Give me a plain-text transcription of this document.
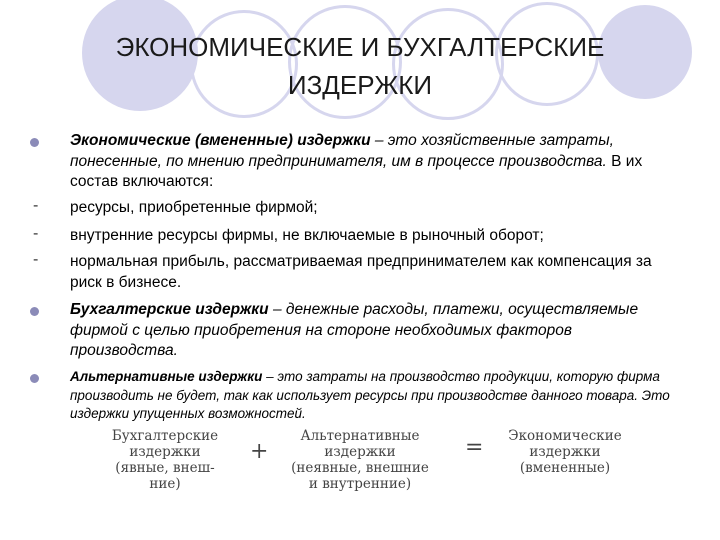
ЭКОНОМИЧЕСКИЕ И БУХГАЛТЕРСКИЕ
ИЗДЕРЖКИ
Экономические (вмененные) издержки – это хозяйственные затраты, понесенные, по мнению предпринимателя, им в процессе производства. В их состав включаются:
- ресурсы, приобретенные фирмой;
- внутренние ресурсы фирмы, не включаемые в рыночный оборот;
- нормальная прибыль, рассматриваемая предпринимателем как компенсация за риск в бизнесе.
Бухгалтерские издержки – денежные расходы, платежи, осуществляемые фирмой с целью приобретения на стороне необходимых факторов производства.
Альтернативные издержки – это затраты на производство продукции, которую фирма производить не будет, так как использует ресурсы при производстве данного товара. Это издержки упущенных возможностей.
Бухгалтерские
издержки
(явные, внеш-
ние)
+
Альтернативные
издержки
(неявные, внешние
и внутренние)
=	Экономические
издержки
(вмененные)
